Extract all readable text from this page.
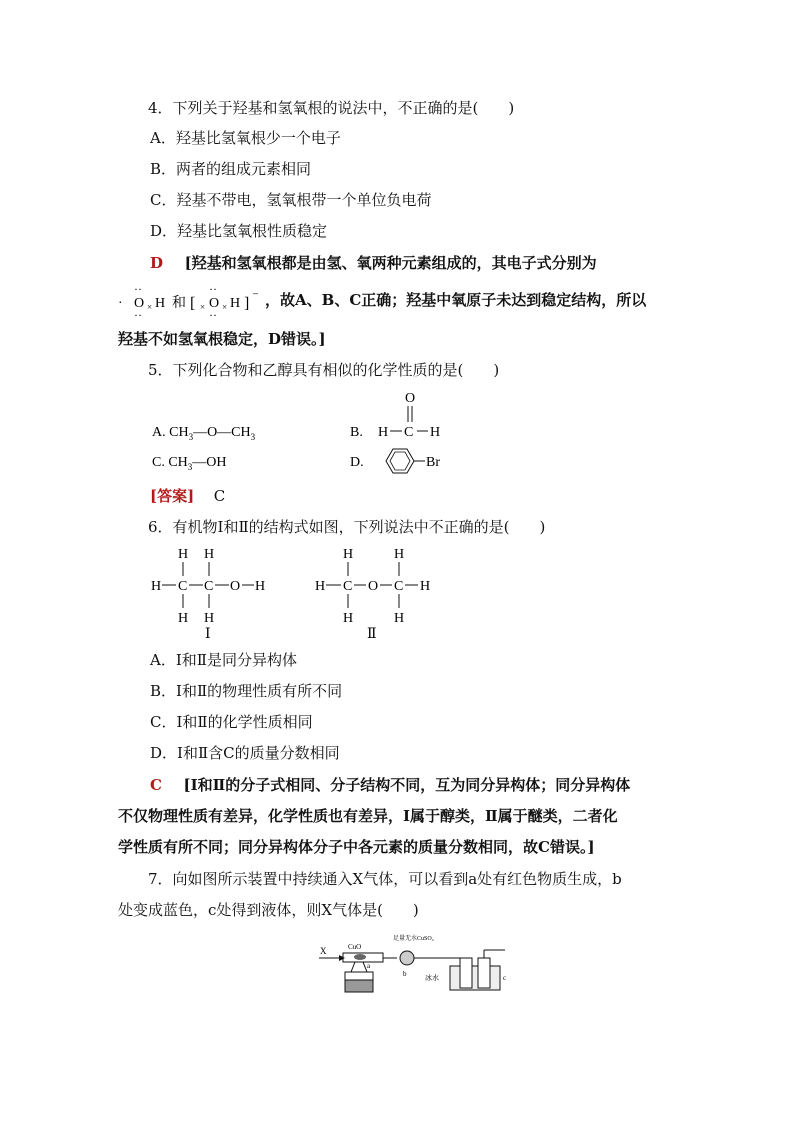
4．下列关于羟基和氢氧根的说法中，不正确的是(　　)
A．羟基比氢氧根少一个电子
B．两者的组成元素相同
C．羟基不带电，氢氧根带一个单位负电荷
D．羟基比氢氧根性质稳定
D [羟基和氢氧根都是由氢、氧两种元素组成的，其电子式分别为
·
··
··
O × H 和 [ ×
··
··
O × H ] ⁻ ，故A、B、C正确；羟基中氧原子未达到稳定结构，所以
羟基不如氢氧根稳定，D错误。]
5．下列化合物和乙醇具有相似的化学性质的是(　　)
A. $CH_3—O—CH_3$	B. H C H
O
C. $CH_3—OH$	D.	Br
[答案] C
6．有机物Ⅰ和Ⅱ的结构式如图，下列说法中不正确的是(　　)
H H
H C C O H
H H
Ⅰ
H	H
H C O C H
H	H
Ⅱ
A．Ⅰ和Ⅱ是同分异构体
B．Ⅰ和Ⅱ的物理性质有所不同
C．Ⅰ和Ⅱ的化学性质相同
D．Ⅰ和Ⅱ含C的质量分数相同
C [Ⅰ和Ⅱ的分子式相同、分子结构不同，互为同分异构体；同分异构体
不仅物理性质有差异，化学性质也有差异，Ⅰ属于醇类，Ⅱ属于醚类，二者化
学性质有所不同；同分异构体分子中各元素的质量分数相同，故C错误。]
7．向如图所示装置中持续通入X气体，可以看到a处有红色物质生成，b
处变成蓝色，c处得到液体，则X气体是(　　)
X	CuO
a
足量无水CuSO₄
b	冰水	c
